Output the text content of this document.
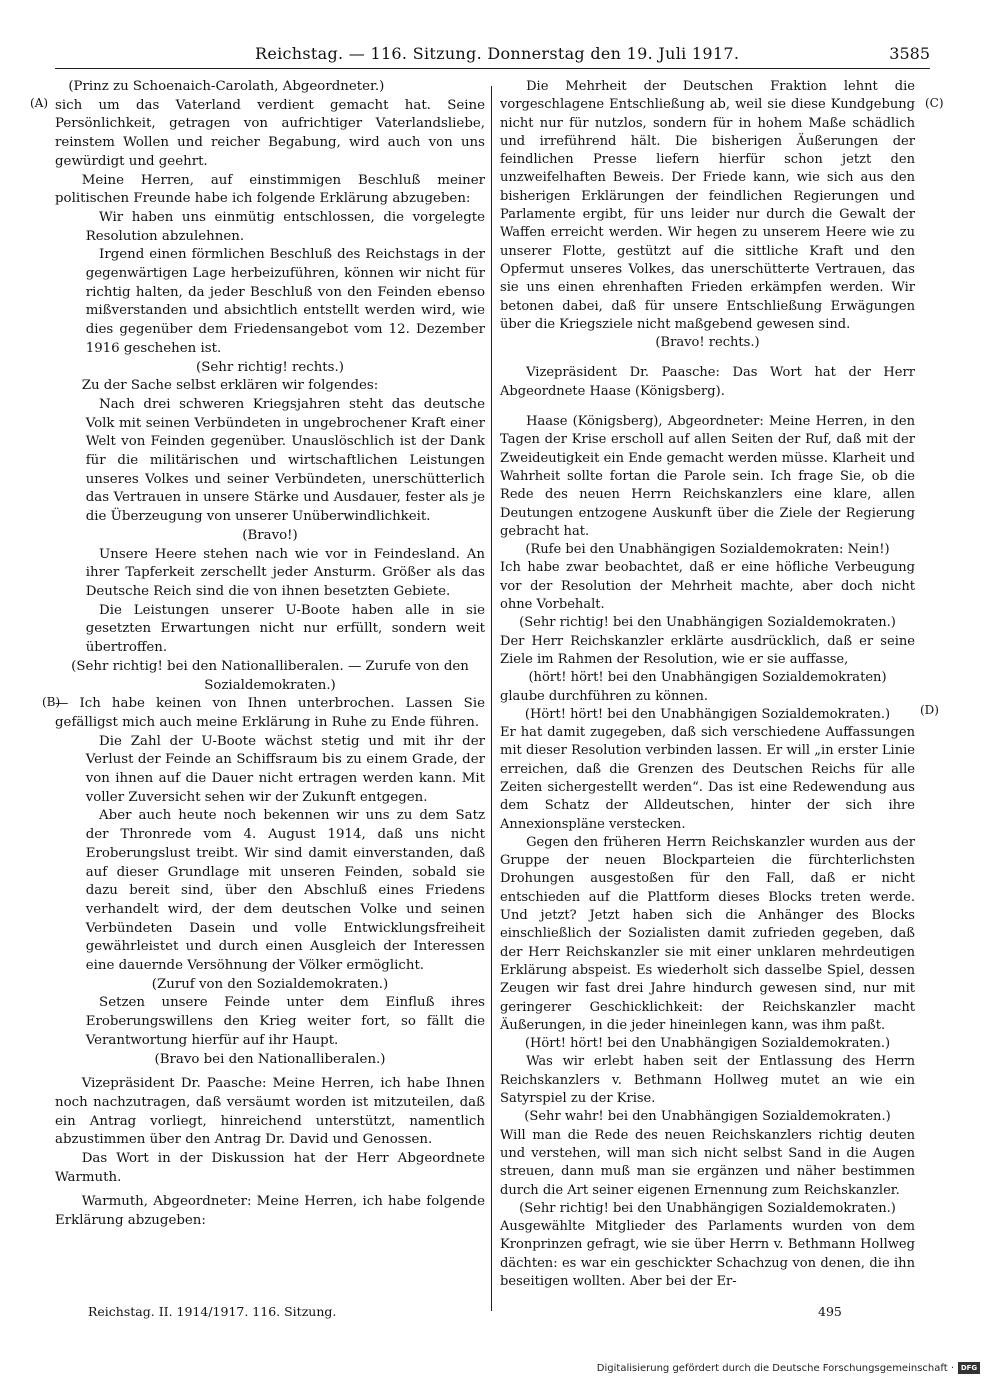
Reichstag. — 116. Sitzung. Donnerstag den 19. Juli 1917.	3585
(A)
(B)
(C)
(D)

(Prinz zu Schoenaich-Carolath, Abgeordneter.)

sich um das Vaterland verdient gemacht hat. Seine Persönlichkeit, getragen von aufrichtiger Vaterlandsliebe, reinstem Wollen und reicher Begabung, wird auch von uns gewürdigt und geehrt.

Meine Herren, auf einstimmigen Beschluß meiner politischen Freunde habe ich folgende Erklärung abzugeben:

Wir haben uns einmütig entschlossen, die vorgelegte Resolution abzulehnen.

Irgend einen förmlichen Beschluß des Reichstags in der gegenwärtigen Lage herbeizuführen, können wir nicht für richtig halten, da jeder Beschluß von den Feinden ebenso mißverstanden und absichtlich entstellt werden wird, wie dies gegenüber dem Friedensangebot vom 12. Dezember 1916 geschehen ist.

(Sehr richtig! rechts.)

Zu der Sache selbst erklären wir folgendes:

Nach drei schweren Kriegsjahren steht das deutsche Volk mit seinen Verbündeten in ungebrochener Kraft einer Welt von Feinden gegenüber. Unauslöschlich ist der Dank für die militärischen und wirtschaftlichen Leistungen unseres Volkes und seiner Verbündeten, unerschütterlich das Vertrauen in unsere Stärke und Ausdauer, fester als je die Überzeugung von unserer Unüberwindlichkeit.

(Bravo!)

Unsere Heere stehen nach wie vor in Feindesland. An ihrer Tapferkeit zerschellt jeder Ansturm. Größer als das Deutsche Reich sind die von ihnen besetzten Gebiete.

Die Leistungen unserer U-Boote haben alle in sie gesetzten Erwartungen nicht nur erfüllt, sondern weit übertroffen.

(Sehr richtig! bei den Nationalliberalen. — Zurufe von den Sozialdemokraten.)

— Ich habe keinen von Ihnen unterbrochen. Lassen Sie gefälligst mich auch meine Erklärung in Ruhe zu Ende führen.

Die Zahl der U-Boote wächst stetig und mit ihr der Verlust der Feinde an Schiffsraum bis zu einem Grade, der von ihnen auf die Dauer nicht ertragen werden kann. Mit voller Zuversicht sehen wir der Zukunft entgegen.

Aber auch heute noch bekennen wir uns zu dem Satz der Thronrede vom 4. August 1914, daß uns nicht Eroberungslust treibt. Wir sind damit einverstanden, daß auf dieser Grundlage mit unseren Feinden, sobald sie dazu bereit sind, über den Abschluß eines Friedens verhandelt wird, der dem deutschen Volke und seinen Verbündeten Dasein und volle Entwicklungsfreiheit gewährleistet und durch einen Ausgleich der Interessen eine dauernde Versöhnung der Völker ermöglicht.

(Zuruf von den Sozialdemokraten.)

Setzen unsere Feinde unter dem Einfluß ihres Eroberungswillens den Krieg weiter fort, so fällt die Verantwortung hierfür auf ihr Haupt.

(Bravo bei den Nationalliberalen.)

Vizepräsident Dr. Paasche: Meine Herren, ich habe Ihnen noch nachzutragen, daß versäumt worden ist mitzuteilen, daß ein Antrag vorliegt, hinreichend unterstützt, namentlich abzustimmen über den Antrag Dr. David und Genossen.

Das Wort in der Diskussion hat der Herr Abgeordnete Warmuth.

Warmuth, Abgeordneter: Meine Herren, ich habe folgende Erklärung abzugeben:

Die Mehrheit der Deutschen Fraktion lehnt die vorgeschlagene Entschließung ab, weil sie diese Kundgebung nicht nur für nutzlos, sondern für in hohem Maße schädlich und irreführend hält. Die bisherigen Äußerungen der feindlichen Presse liefern hierfür schon jetzt den unzweifelhaften Beweis. Der Friede kann, wie sich aus den bisherigen Erklärungen der feindlichen Regierungen und Parlamente ergibt, für uns leider nur durch die Gewalt der Waffen erreicht werden. Wir hegen zu unserem Heere wie zu unserer Flotte, gestützt auf die sittliche Kraft und den Opfermut unseres Volkes, das unerschütterte Vertrauen, das sie uns einen ehrenhaften Frieden erkämpfen werden. Wir betonen dabei, daß für unsere Entschließung Erwägungen über die Kriegsziele nicht maßgebend gewesen sind.

(Bravo! rechts.)

Vizepräsident Dr. Paasche: Das Wort hat der Herr Abgeordnete Haase (Königsberg).

Haase (Königsberg), Abgeordneter: Meine Herren, in den Tagen der Krise erscholl auf allen Seiten der Ruf, daß mit der Zweideutigkeit ein Ende gemacht werden müsse. Klarheit und Wahrheit sollte fortan die Parole sein. Ich frage Sie, ob die Rede des neuen Herrn Reichskanzlers eine klare, allen Deutungen entzogene Auskunft über die Ziele der Regierung gebracht hat.

(Rufe bei den Unabhängigen Sozialdemokraten: Nein!)

Ich habe zwar beobachtet, daß er eine höfliche Verbeugung vor der Resolution der Mehrheit machte, aber doch nicht ohne Vorbehalt.

(Sehr richtig! bei den Unabhängigen Sozialdemokraten.)

Der Herr Reichskanzler erklärte ausdrücklich, daß er seine Ziele im Rahmen der Resolution, wie er sie auffasse,

(hört! hört! bei den Unabhängigen Sozialdemokraten)

glaube durchführen zu können.

(Hört! hört! bei den Unabhängigen Sozialdemokraten.)

Er hat damit zugegeben, daß sich verschiedene Auffassungen mit dieser Resolution verbinden lassen. Er will „in erster Linie erreichen, daß die Grenzen des Deutschen Reichs für alle Zeiten sichergestellt werden“. Das ist eine Redewendung aus dem Schatz der Alldeutschen, hinter der sich ihre Annexionspläne verstecken.

Gegen den früheren Herrn Reichskanzler wurden aus der Gruppe der neuen Blockparteien die fürchterlichsten Drohungen ausgestoßen für den Fall, daß er nicht entschieden auf die Plattform dieses Blocks treten werde. Und jetzt? Jetzt haben sich die Anhänger des Blocks einschließlich der Sozialisten damit zufrieden gegeben, daß der Herr Reichskanzler sie mit einer unklaren mehrdeutigen Erklärung abspeist. Es wiederholt sich dasselbe Spiel, dessen Zeugen wir fast drei Jahre hindurch gewesen sind, nur mit geringerer Geschicklichkeit: der Reichskanzler macht Äußerungen, in die jeder hineinlegen kann, was ihm paßt.

(Hört! hört! bei den Unabhängigen Sozialdemokraten.)

Was wir erlebt haben seit der Entlassung des Herrn Reichskanzlers v. Bethmann Hollweg mutet an wie ein Satyrspiel zu der Krise.

(Sehr wahr! bei den Unabhängigen Sozialdemokraten.)

Will man die Rede des neuen Reichskanzlers richtig deuten und verstehen, will man sich nicht selbst Sand in die Augen streuen, dann muß man sie ergänzen und näher bestimmen durch die Art seiner eigenen Ernennung zum Reichskanzler.

(Sehr richtig! bei den Unabhängigen Sozialdemokraten.)

Ausgewählte Mitglieder des Parlaments wurden von dem Kronprinzen gefragt, wie sie über Herrn v. Bethmann Hollweg dächten: es war ein geschickter Schachzug von denen, die ihn beseitigen wollten. Aber bei der Er-

Reichstag. II. 1914/1917. 116. Sitzung.	495
Digitalisierung gefördert durch die Deutsche Forschungsgemeinschaft · DFG
